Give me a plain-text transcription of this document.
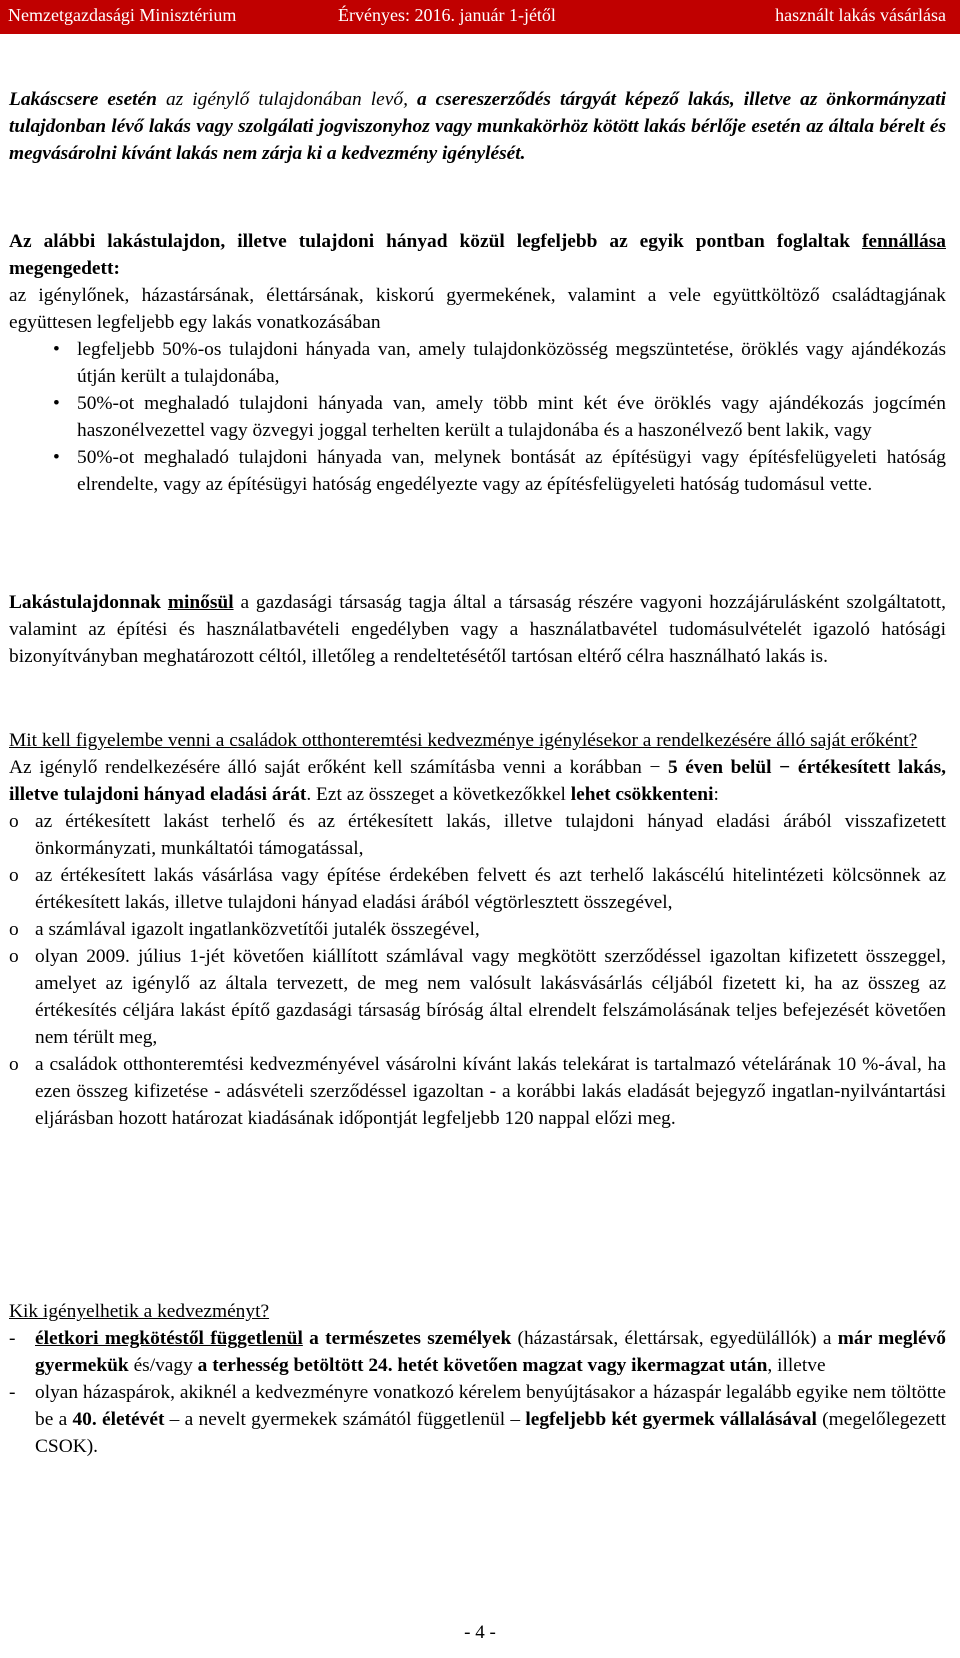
Nemzetgazdasági Minisztérium	Érvényes: 2016. január 1-jétől	használt lakás vásárlása

Lakáscsere esetén az igénylő tulajdonában levő, a csereszerződés tárgyát képező lakás, illetve az önkormányzati tulajdonban lévő lakás vagy szolgálati jogviszonyhoz vagy munkakörhöz kötött lakás bérlője esetén az általa bérelt és megvásárolni kívánt lakás nem zárja ki a kedvezmény igénylését.

Az alábbi lakástulajdon, illetve tulajdoni hányad közül legfeljebb az egyik pontban foglaltak fennállása megengedett:

az igénylőnek, házastársának, élettársának, kiskorú gyermekének, valamint a vele együttköltöző családtagjának együttesen legfeljebb egy lakás vonatkozásában

• legfeljebb 50%-os tulajdoni hányada van, amely tulajdonközösség megszüntetése, öröklés vagy ajándékozás útján került a tulajdonába,
• 50%-ot meghaladó tulajdoni hányada van, amely több mint két éve öröklés vagy ajándékozás jogcímén haszonélvezettel vagy özvegyi joggal terhelten került a tulajdonába és a haszonélvező bent lakik, vagy
• 50%-ot meghaladó tulajdoni hányada van, melynek bontását az építésügyi vagy építésfelügyeleti hatóság elrendelte, vagy az építésügyi hatóság engedélyezte vagy az építésfelügyeleti hatóság tudomásul vette.

Lakástulajdonnak minősül a gazdasági társaság tagja által a társaság részére vagyoni hozzájárulásként szolgáltatott, valamint az építési és használatbavételi engedélyben vagy a használatbavétel tudomásulvételét igazoló hatósági bizonyítványban meghatározott céltól, illetőleg a rendeltetésétől tartósan eltérő célra használható lakás is.

Mit kell figyelembe venni a családok otthonteremtési kedvezménye igénylésekor a rendelkezésére álló saját erőként?

Az igénylő rendelkezésére álló saját erőként kell számításba venni a korábban − 5 éven belül − értékesített lakás, illetve tulajdoni hányad eladási árát. Ezt az összeget a következőkkel lehet csökkenteni:

o az értékesített lakást terhelő és az értékesített lakás, illetve tulajdoni hányad eladási árából visszafizetett önkormányzati, munkáltatói támogatással,
o az értékesített lakás vásárlása vagy építése érdekében felvett és azt terhelő lakáscélú hitelintézeti kölcsönnek az értékesített lakás, illetve tulajdoni hányad eladási árából végtörlesztett összegével,
o a számlával igazolt ingatlanközvetítői jutalék összegével,
o olyan 2009. július 1-jét követően kiállított számlával vagy megkötött szerződéssel igazoltan kifizetett összeggel, amelyet az igénylő az általa tervezett, de meg nem valósult lakásvásárlás céljából fizetett ki, ha az összeg az értékesítés céljára lakást építő gazdasági társaság bíróság által elrendelt felszámolásának teljes befejezését követően nem térült meg,
o a családok otthonteremtési kedvezményével vásárolni kívánt lakás telekárat is tartalmazó vételárának 10 %-ával, ha ezen összeg kifizetése - adásvételi szerződéssel igazoltan - a korábbi lakás eladását bejegyző ingatlan-nyilvántartási eljárásban hozott határozat kiadásának időpontját legfeljebb 120 nappal előzi meg.

Kik igényelhetik a kedvezményt?

- életkori megkötéstől függetlenül a természetes személyek (házastársak, élettársak, egyedülállók) a már meglévő gyermekük és/vagy a terhesség betöltött 24. hetét követően magzat vagy ikermagzat után, illetve
- olyan házaspárok, akiknél a kedvezményre vonatkozó kérelem benyújtásakor a házaspár legalább egyike nem töltötte be a 40. életévét – a nevelt gyermekek számától függetlenül – legfeljebb két gyermek vállalásával (megelőlegezett CSOK).
- 4 -
